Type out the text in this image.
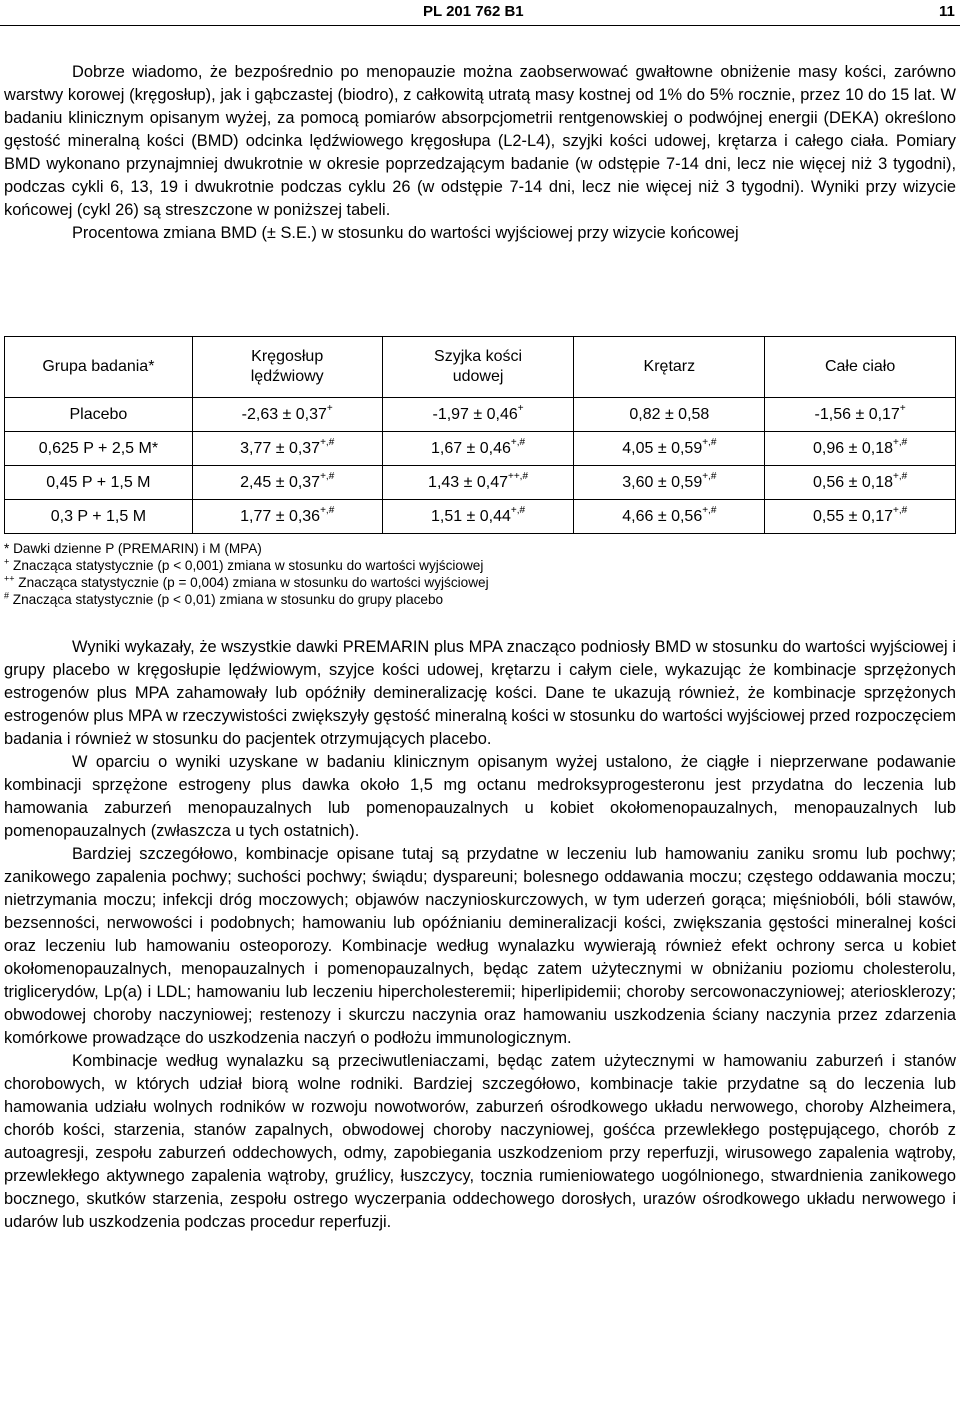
PL 201 762 B1	11

Dobrze wiadomo, że bezpośrednio po menopauzie można zaobserwować gwałtowne obniżenie masy kości, zarówno warstwy korowej (kręgosłup), jak i gąbczastej (biodro), z całkowitą utratą masy kostnej od 1% do 5% rocznie, przez 10 do 15 lat. W badaniu klinicznym opisanym wyżej, za pomocą pomiarów absorpcjometrii rentgenowskiej o podwójnej energii (DEKA) określono gęstość mineralną kości (BMD) odcinka lędźwiowego kręgosłupa (L2-L4), szyjki kości udowej, krętarza i całego ciała. Pomiary BMD wykonano przynajmniej dwukrotnie w okresie poprzedzającym badanie (w odstępie 7-14 dni, lecz nie więcej niż 3 tygodni), podczas cykli 6, 13, 19 i dwukrotnie podczas cyklu 26 (w odstępie 7-14 dni, lecz nie więcej niż 3 tygodni). Wyniki przy wizycie końcowej (cykl 26) są streszczone w poniższej tabeli.

Procentowa zmiana BMD (± S.E.) w stosunku do wartości wyjściowej przy wizycie końcowej

Grupa badania*	Kręgosłup lędźwiowy	Szyjka kości udowej	Krętarz	Całe ciało
Placebo	-2,63 ± 0,37+	-1,97 ± 0,46+	0,82 ± 0,58	-1,56 ± 0,17+
0,625 P + 2,5 M*	3,77 ± 0,37+,#	1,67 ± 0,46+,#	4,05 ± 0,59+,#	0,96 ± 0,18+,#
0,45 P + 1,5 M	2,45 ± 0,37+,#	1,43 ± 0,47++,#	3,60 ± 0,59+,#	0,56 ± 0,18+,#
0,3 P + 1,5 M	1,77 ± 0,36+,#	1,51 ± 0,44+,#	4,66 ± 0,56+,#	0,55 ± 0,17+,#
* Dawki dzienne P (PREMARIN) i M (MPA)
+ Znacząca statystycznie (p < 0,001) zmiana w stosunku do wartości wyjściowej
++ Znacząca statystycznie (p = 0,004) zmiana w stosunku do wartości wyjściowej
# Znacząca statystycznie (p < 0,01) zmiana w stosunku do grupy placebo

Wyniki wykazały, że wszystkie dawki PREMARIN plus MPA znacząco podniosły BMD w stosunku do wartości wyjściowej i grupy placebo w kręgosłupie lędźwiowym, szyjce kości udowej, krętarzu i całym ciele, wykazując że kombinacje sprzężonych estrogenów plus MPA zahamowały lub opóźniły demineralizację kości. Dane te ukazują również, że kombinacje sprzężonych estrogenów plus MPA w rzeczywistości zwiększyły gęstość mineralną kości w stosunku do wartości wyjściowej przed rozpoczęciem badania i również w stosunku do pacjentek otrzymujących placebo.

W oparciu o wyniki uzyskane w badaniu klinicznym opisanym wyżej ustalono, że ciągłe i nieprzerwane podawanie kombinacji sprzężone estrogeny plus dawka około 1,5 mg octanu medroksyprogesteronu jest przydatna do leczenia lub hamowania zaburzeń menopauzalnych lub pomenopauzalnych u kobiet okołomenopauzalnych, menopauzalnych lub pomenopauzalnych (zwłaszcza u tych ostatnich).

Bardziej szczegółowo, kombinacje opisane tutaj są przydatne w leczeniu lub hamowaniu zaniku sromu lub pochwy; zanikowego zapalenia pochwy; suchości pochwy; świądu; dyspareuni; bolesnego oddawania moczu; częstego oddawania moczu; nietrzymania moczu; infekcji dróg moczowych; objawów naczynioskurczowych, w tym uderzeń gorąca; mięśniobóli, bóli stawów, bezsenności, nerwowości i podobnych; hamowaniu lub opóźnianiu demineralizacji kości, zwiększania gęstości mineralnej kości oraz leczeniu lub hamowaniu osteoporozy. Kombinacje według wynalazku wywierają również efekt ochrony serca u kobiet okołomenopauzalnych, menopauzalnych i pomenopauzalnych, będąc zatem użytecznymi w obniżaniu poziomu cholesterolu, triglicerydów, Lp(a) i LDL; hamowaniu lub leczeniu hipercholesteremii; hiperlipidemii; choroby sercowonaczyniowej; ateriosklerozy; obwodowej choroby naczyniowej; restenozy i skurczu naczynia oraz hamowaniu uszkodzenia ściany naczynia przez zdarzenia komórkowe prowadzące do uszkodzenia naczyń o podłożu immunologicznym.

Kombinacje według wynalazku są przeciwutleniaczami, będąc zatem użytecznymi w hamowaniu zaburzeń i stanów chorobowych, w których udział biorą wolne rodniki. Bardziej szczegółowo, kombinacje takie przydatne są do leczenia lub hamowania udziału wolnych rodników w rozwoju nowotworów, zaburzeń ośrodkowego układu nerwowego, choroby Alzheimera, chorób kości, starzenia, stanów zapalnych, obwodowej choroby naczyniowej, gośćca przewlekłego postępującego, chorób z autoagresji, zespołu zaburzeń oddechowych, odmy, zapobiegania uszkodzeniom przy reperfuzji, wirusowego zapalenia wątroby, przewlekłego aktywnego zapalenia wątroby, gruźlicy, łuszczycy, tocznia rumieniowatego uogólnionego, stwardnienia zanikowego bocznego, skutków starzenia, zespołu ostrego wyczerpania oddechowego dorosłych, urazów ośrodkowego układu nerwowego i udarów lub uszkodzenia podczas procedur reperfuzji.
